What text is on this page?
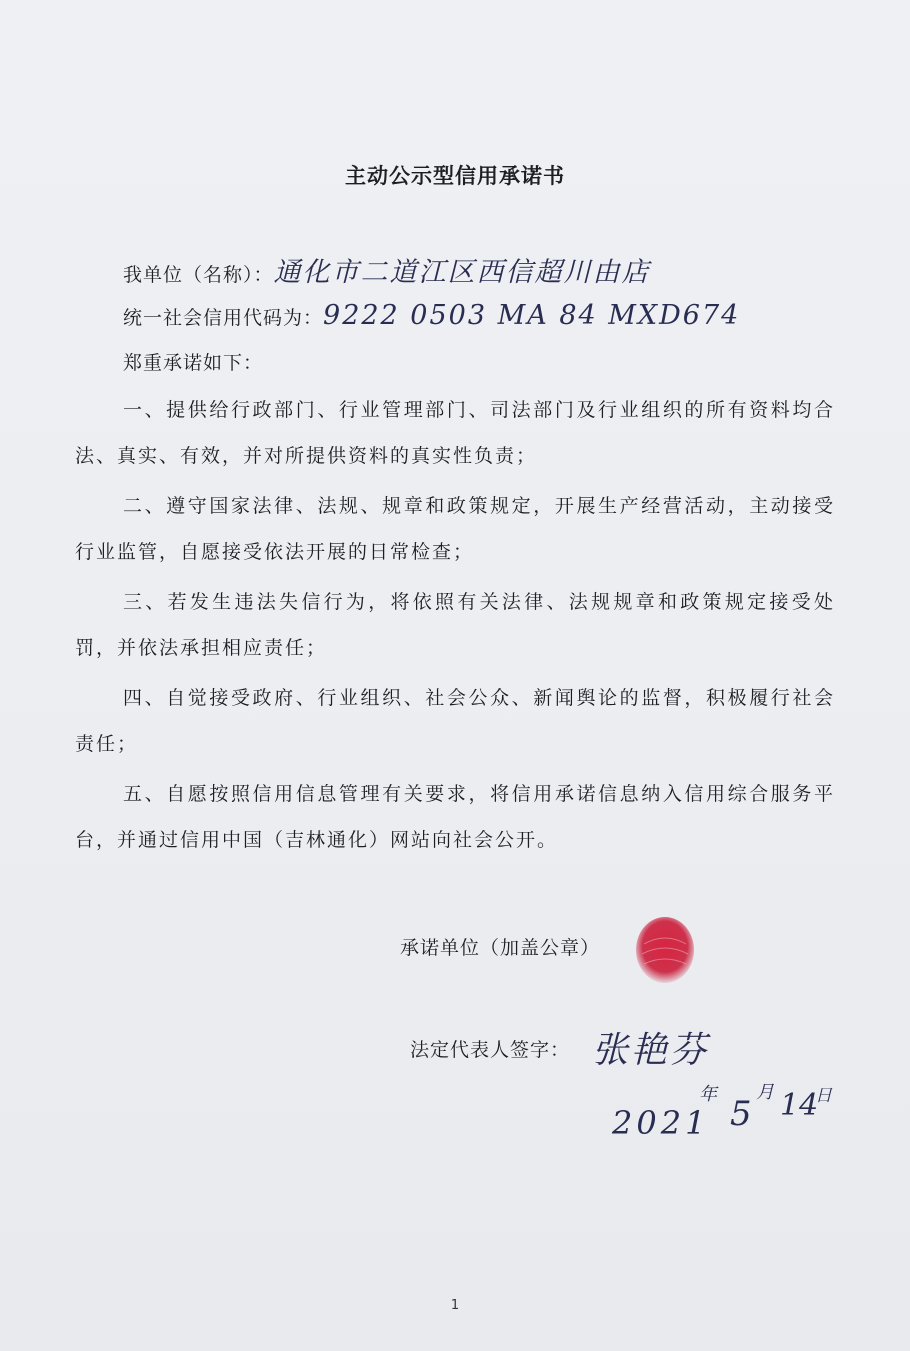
主动公示型信用承诺书
我单位（名称）：通化市二道江区西信超川由店
统一社会信用代码为：9222 0503 MA 84 MXD674
郑重承诺如下：
一、提供给行政部门、行业管理部门、司法部门及行业组织的所有资料均合法、真实、有效，并对所提供资料的真实性负责；
二、遵守国家法律、法规、规章和政策规定，开展生产经营活动，主动接受行业监管，自愿接受依法开展的日常检查；
三、若发生违法失信行为，将依照有关法律、法规规章和政策规定接受处罚，并依法承担相应责任；
四、自觉接受政府、行业组织、社会公众、新闻舆论的监督，积极履行社会责任；
五、自愿按照信用信息管理有关要求，将信用承诺信息纳入信用综合服务平台，并通过信用中国（吉林通化）网站向社会公开。
承诺单位（加盖公章）
法定代表人签字： 张艳芬
2021
年 5
月 14
日
1
